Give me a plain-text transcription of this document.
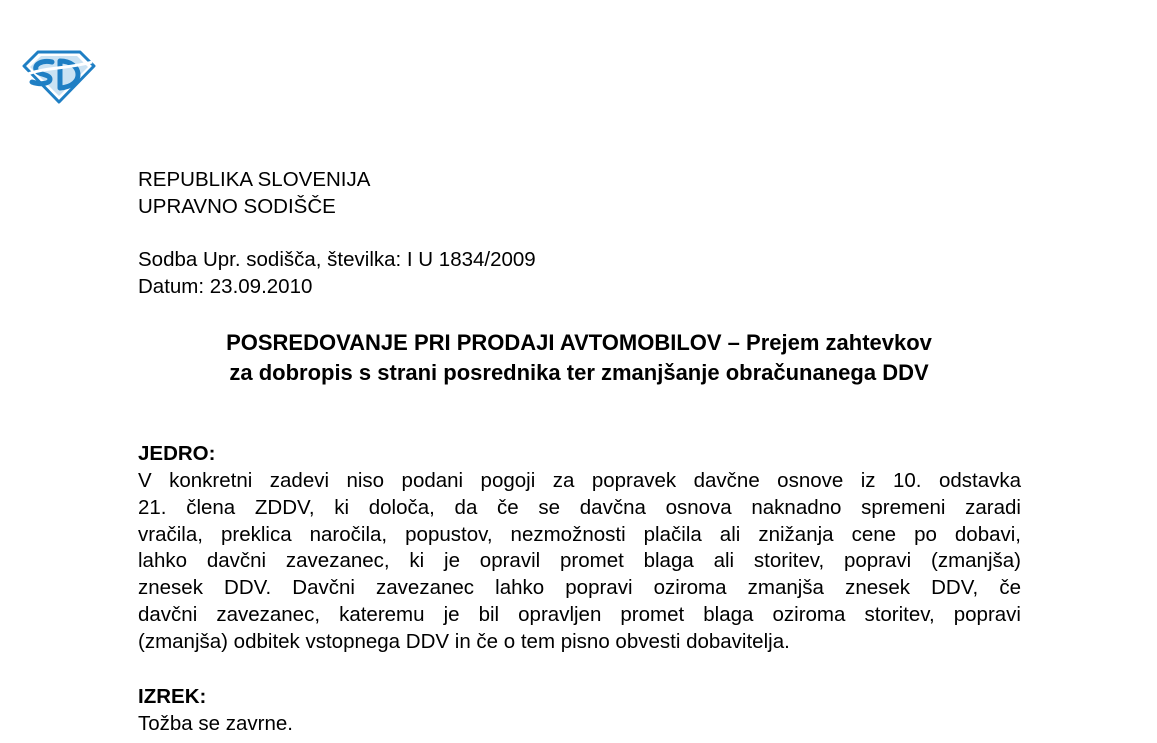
REPUBLIKA SLOVENIJA
UPRAVNO SODIŠČE
Sodba Upr. sodišča, številka: I U 1834/2009
Datum: 23.09.2010
POSREDOVANJE PRI PRODAJI AVTOMOBILOV – Prejem zahtevkov
za dobropis s strani posrednika ter zmanjšanje obračunanega DDV
JEDRO:
V konkretni zadevi niso podani pogoji za popravek davčne osnove iz 10. odstavka
21. člena ZDDV, ki določa, da če se davčna osnova naknadno spremeni zaradi
vračila, preklica naročila, popustov, nezmožnosti plačila ali znižanja cene po dobavi,
lahko davčni zavezanec, ki je opravil promet blaga ali storitev, popravi (zmanjša)
znesek DDV. Davčni zavezanec lahko popravi oziroma zmanjša znesek DDV, če
davčni zavezanec, kateremu je bil opravljen promet blaga oziroma storitev, popravi
(zmanjša) odbitek vstopnega DDV in če o tem pisno obvesti dobavitelja.
IZREK:
Tožba se zavrne.
